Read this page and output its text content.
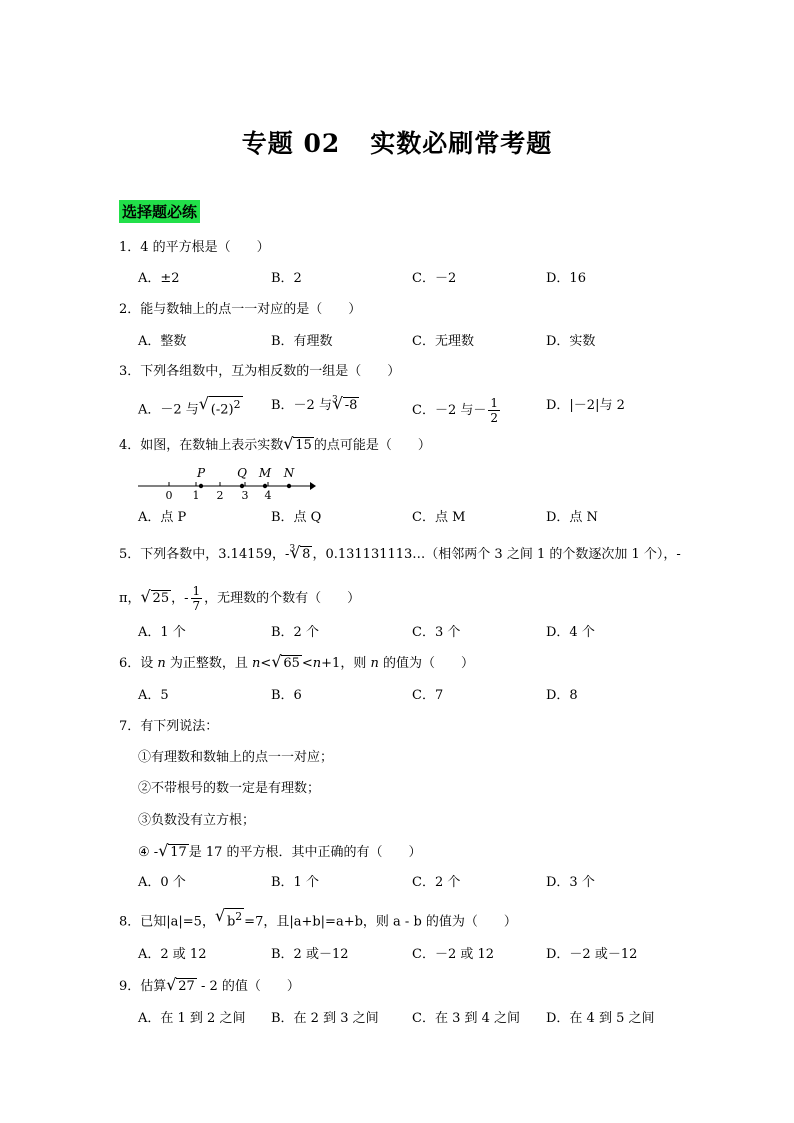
专题 02 实数必刷常考题
选择题必练
1．4 的平方根是（　　）
A．±2	B．2	C．－2	D．16
2．能与数轴上的点一一对应的是（　　）
A．整数	B．有理数	C．无理数	D．实数
3．下列各组数中，互为相反数的一组是（　　）
A．－2 与 √ $(-2)^2$ B．－2 与$^3$ √ -8	C．－2 与－ $\frac{1}{2}$	D．|－2|与 2
4．如图，在数轴上表示实数 √ 15 的点可能是（　　）
0 1 2 3 4
P	Q M N
A．点 P	B．点 Q	C．点 M	D．点 N
5．下列各数中，3.14159，-$^3$ √ 8 ，0.131131113…（相邻两个 3 之间 1 的个数逐次加 1 个），-
π， √ 25 ，- $\frac{1}{7}$ ，无理数的个数有（　　）
A．1 个	B．2 个	C．3 个	D．4 个
6．设 n 为正整数，且 n< √ 65 <n+1，则 n 的值为（　　）
A．5	B．6	C．7	D．8
7．有下列说法：
①有理数和数轴上的点一一对应；
②不带根号的数一定是有理数；
③负数没有立方根；
④ - √ 17 是 17 的平方根．其中正确的有（　　）
A．0 个	B．1 个	C．2 个	D．3 个
8．已知|a|=5， √ $b^2 =7$，且|a+b|=a+b，则 a - b 的值为（　　）
A．2 或 12	B．2 或－12	C．－2 或 12	D．－2 或－12
9．估算 √ 27 - 2 的值（　　）
A．在 1 到 2 之间 B．在 2 到 3 之间	C．在 3 到 4 之间 D．在 4 到 5 之间
